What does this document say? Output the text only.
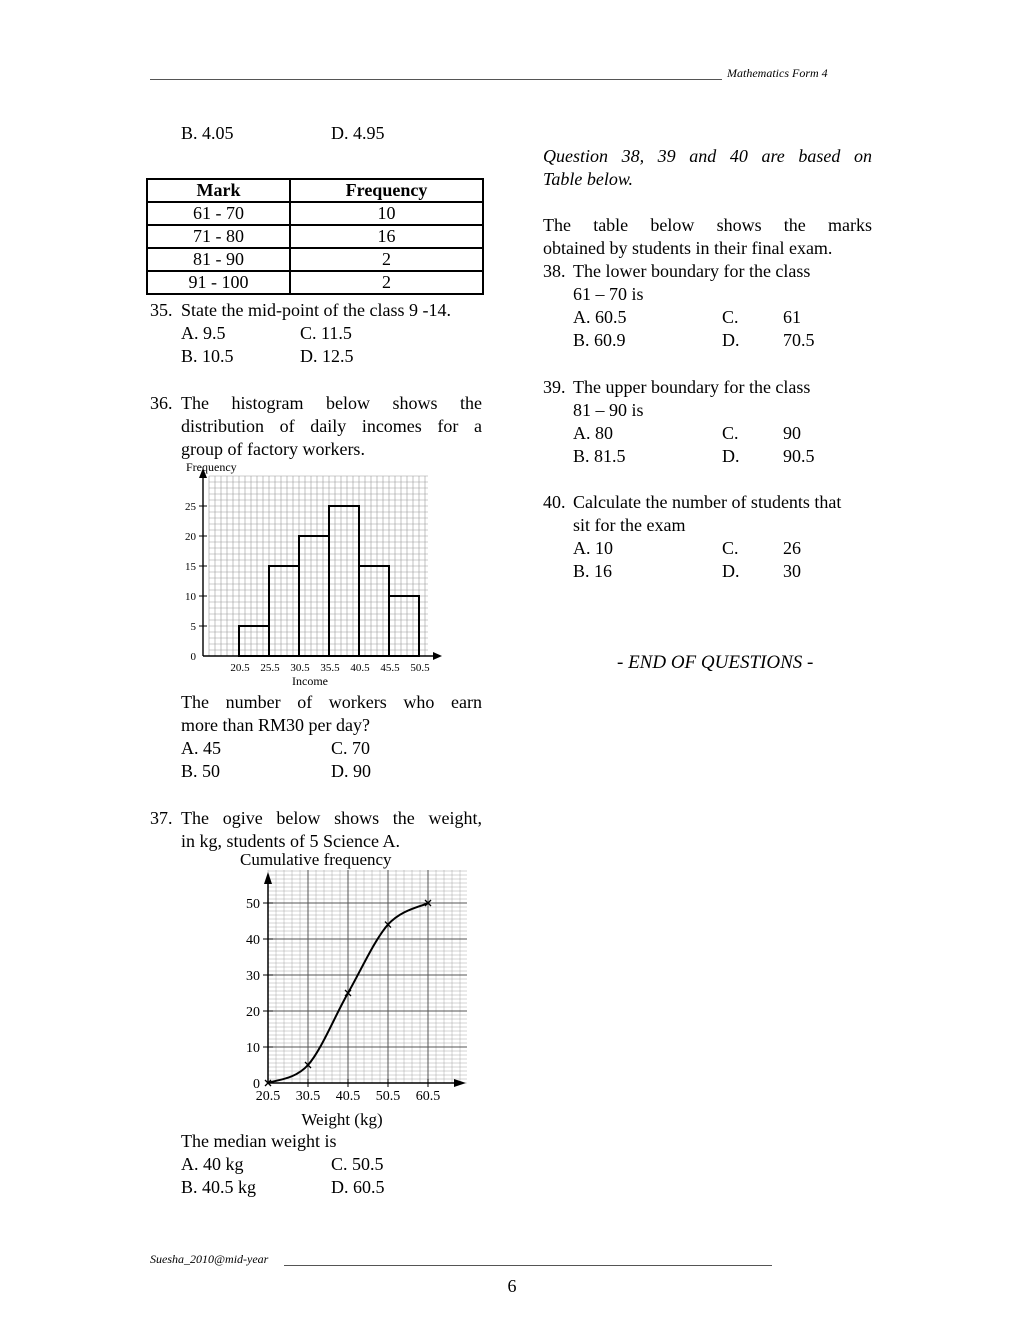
Mathematics Form 4
B. 4.05	D. 4.95
Mark	Frequency
61 - 70	10
71 - 80	16
81 - 90	2
91 - 100	2
35. State the mid-point of the class 9 -14.
A. 9.5	C. 11.5
B. 10.5	D. 12.5
36. The histogram below shows the
distribution of daily incomes for a
group of factory workers.
Frequency
0
5
10
15
20
25
20.5 25.5 30.5 35.5 40.5 45.5 50.5
Income
The number of workers who earn
more than RM30 per day?
A. 45	C. 70
B. 50	D. 90
37. The ogive below shows the weight,
in kg, students of 5 Science A.
Cumulative frequency
0
10
20
30
40
50
20.5 30.5 40.5 50.5 60.5
Weight (kg)
The median weight is
A. 40 kg	C. 50.5
B. 40.5 kg	D. 60.5
Question 38, 39 and 40 are based on
Table below.
The table below shows the marks
obtained by students in their final exam.
38. The lower boundary for the class
61 – 70 is
A. 60.5	C. 61
B. 60.9	D. 70.5
39. The upper boundary for the class
81 – 90 is
A. 80	C. 90
B. 81.5	D. 90.5
40. Calculate the number of students that
sit for the exam
A. 10	C. 26
B. 16	D. 30
- END OF QUESTIONS -
Suesha_2010@mid-year
6
